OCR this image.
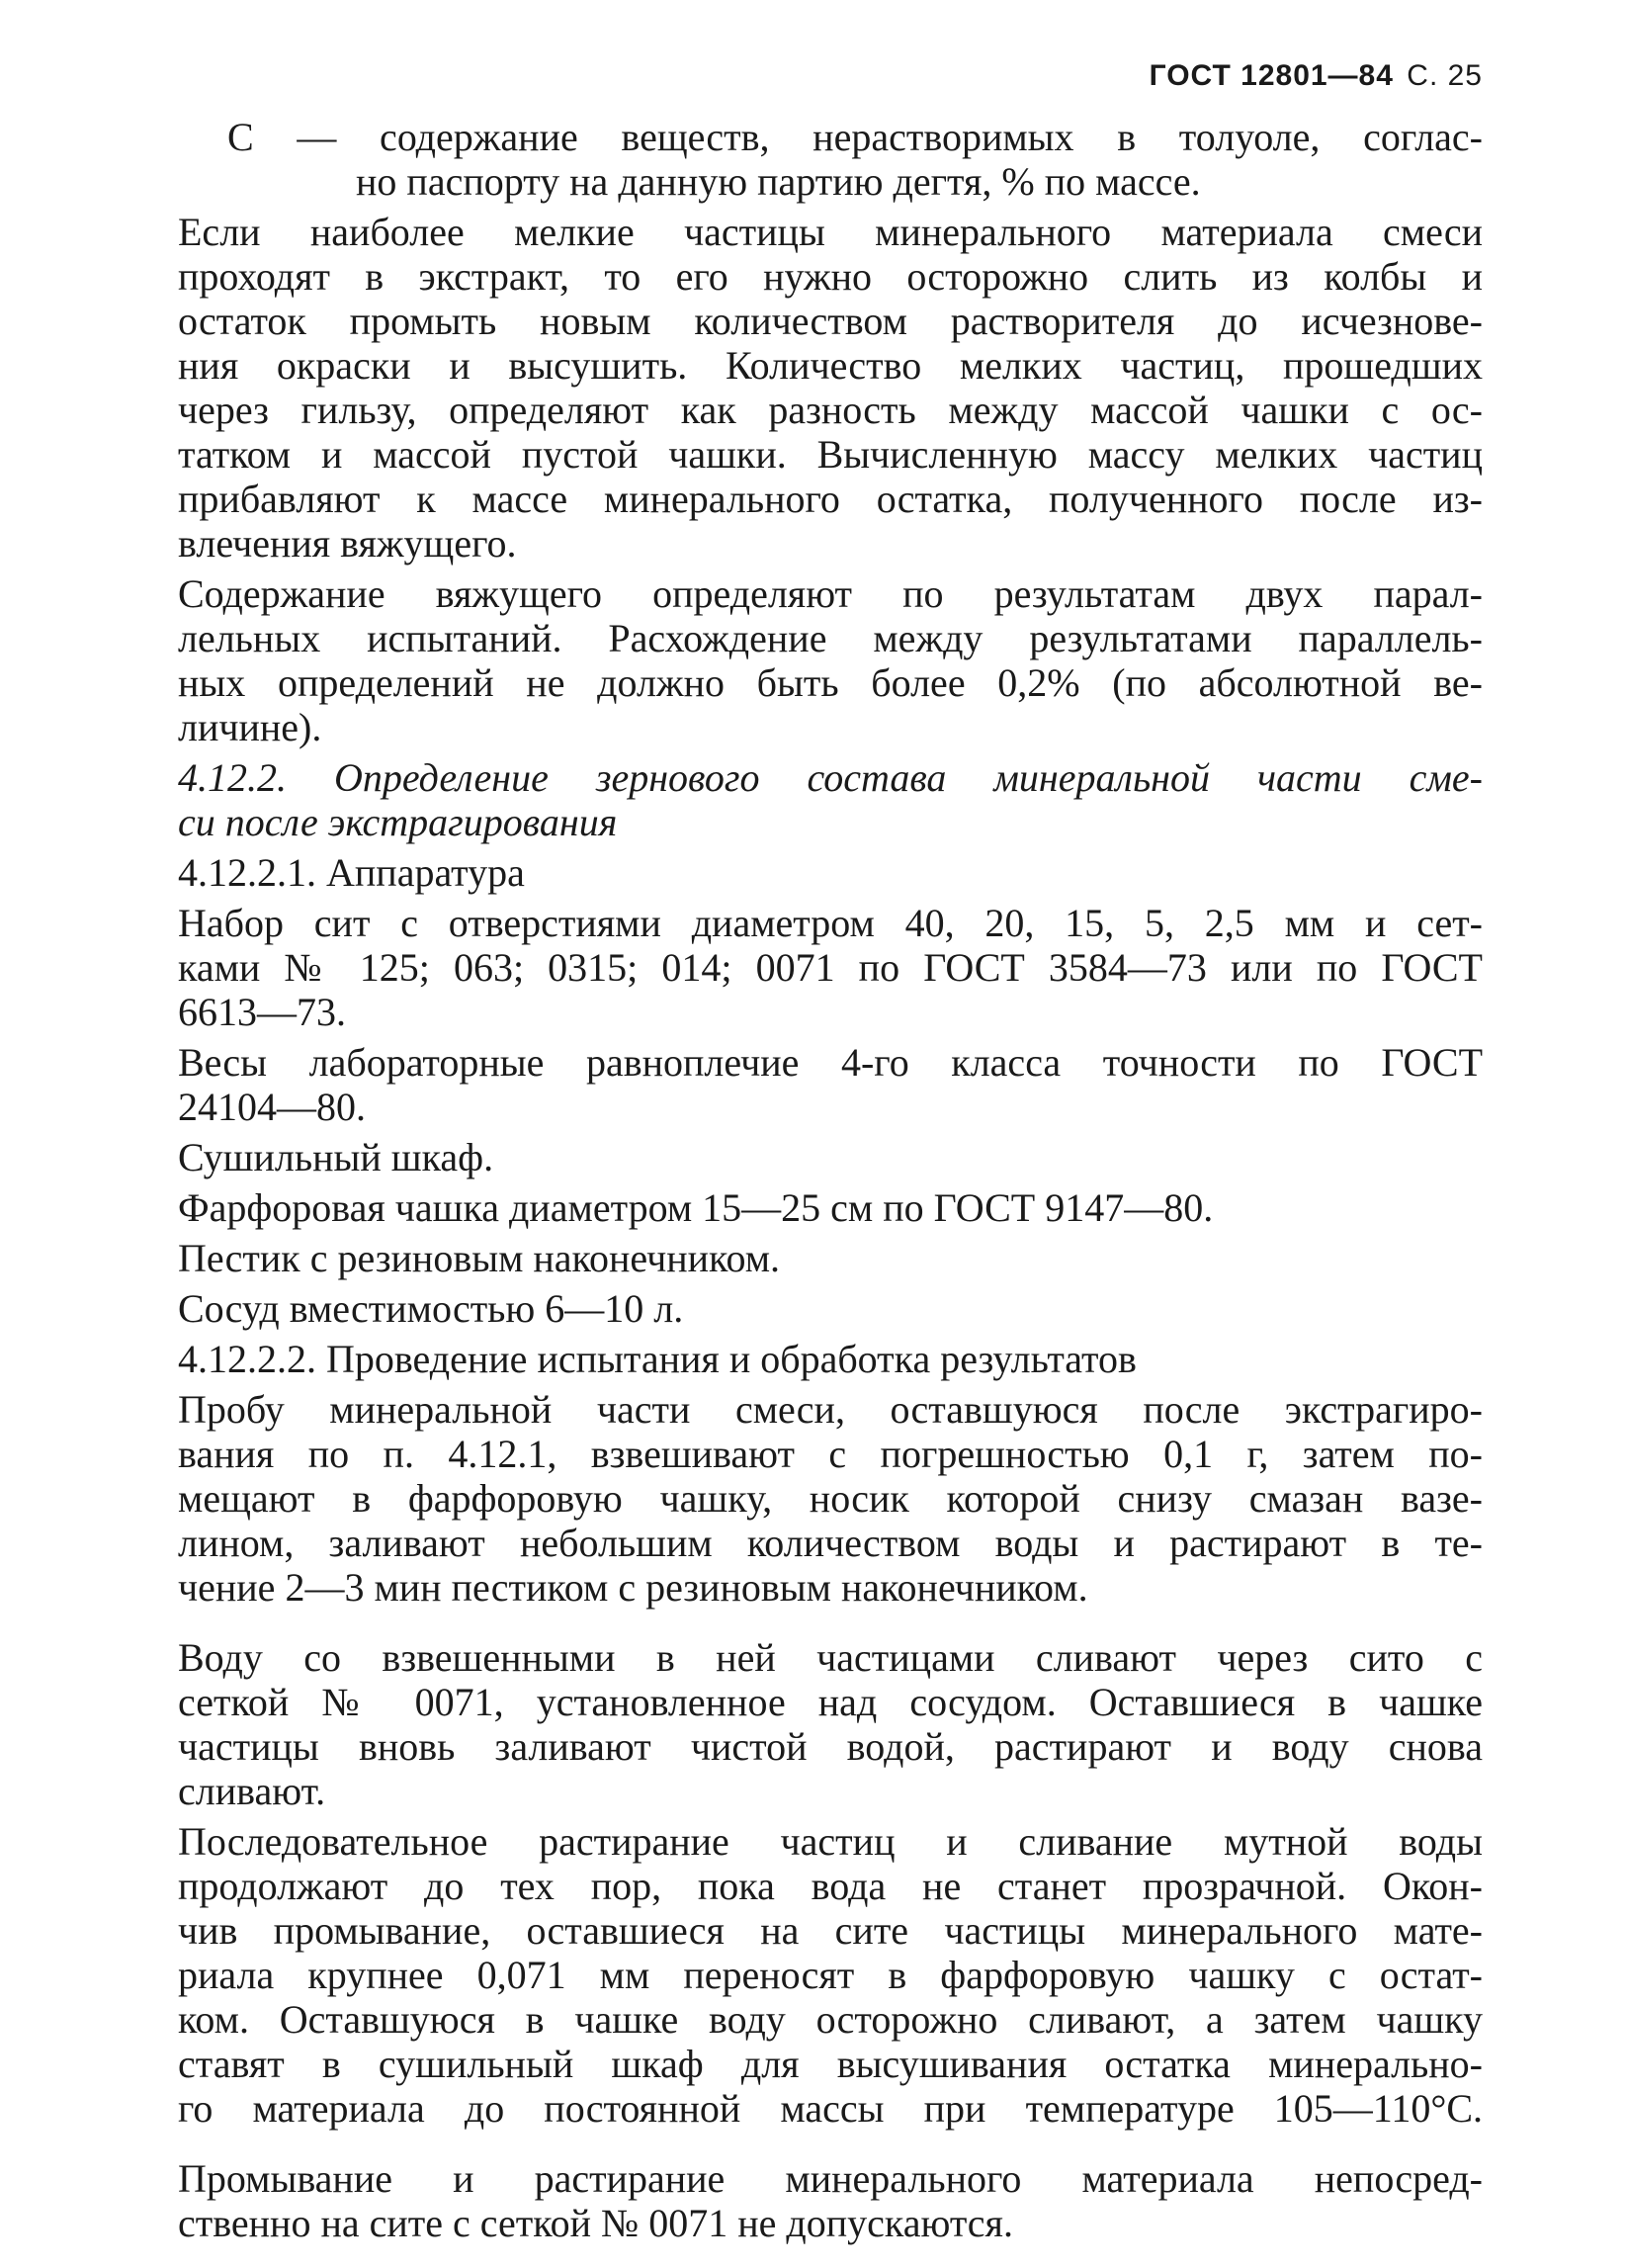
ГОСТ 12801—84 С. 25
С — содержание веществ, нерастворимых в толуоле, соглас-
но паспорту на данную партию дегтя, % по массе.
Если наиболее мелкие частицы минерального материала смеси
проходят в экстракт, то его нужно осторожно слить из колбы и
остаток промыть новым количеством растворителя до исчезнове-
ния окраски и высушить. Количество мелких частиц, прошедших
через гильзу, определяют как разность между массой чашки с ос-
татком и массой пустой чашки. Вычисленную массу мелких частиц
прибавляют к массе минерального остатка, полученного после из-
влечения вяжущего.
Содержание вяжущего определяют по результатам двух парал-
лельных испытаний. Расхождение между результатами параллель-
ных определений не должно быть более 0,2% (по абсолютной ве-
личине).
4.12.2. Определение зернового состава минеральной части сме-
си после экстрагирования
4.12.2.1. Аппаратура
Набор сит с отверстиями диаметром 40, 20, 15, 5, 2,5 мм и сет-
ками № 125; 063; 0315; 014; 0071 по ГОСТ 3584—73 или по ГОСТ
6613—73.
Весы лабораторные равноплечие 4-го класса точности по ГОСТ
24104—80.
Сушильный шкаф.
Фарфоровая чашка диаметром 15—25 см по ГОСТ 9147—80.
Пестик с резиновым наконечником.
Сосуд вместимостью 6—10 л.
4.12.2.2. Проведение испытания и обработка результатов
Пробу минеральной части смеси, оставшуюся после экстрагиро-
вания по п. 4.12.1, взвешивают с погрешностью 0,1 г, затем по-
мещают в фарфоровую чашку, носик которой снизу смазан вазе-
лином, заливают небольшим количеством воды и растирают в те-
чение 2—3 мин пестиком с резиновым наконечником.
Воду со взвешенными в ней частицами сливают через сито с
сеткой № 0071, установленное над сосудом. Оставшиеся в чашке
частицы вновь заливают чистой водой, растирают и воду снова
сливают.
Последовательное растирание частиц и сливание мутной воды
продолжают до тех пор, пока вода не станет прозрачной. Окон-
чив промывание, оставшиеся на сите частицы минерального мате-
риала крупнее 0,071 мм переносят в фарфоровую чашку с остат-
ком. Оставшуюся в чашке воду осторожно сливают, а затем чашку
ставят в сушильный шкаф для высушивания остатка минерально-
го материала до постоянной массы при температуре 105—110°С.
Промывание и растирание минерального материала непосред-
ственно на сите с сеткой № 0071 не допускаются.
